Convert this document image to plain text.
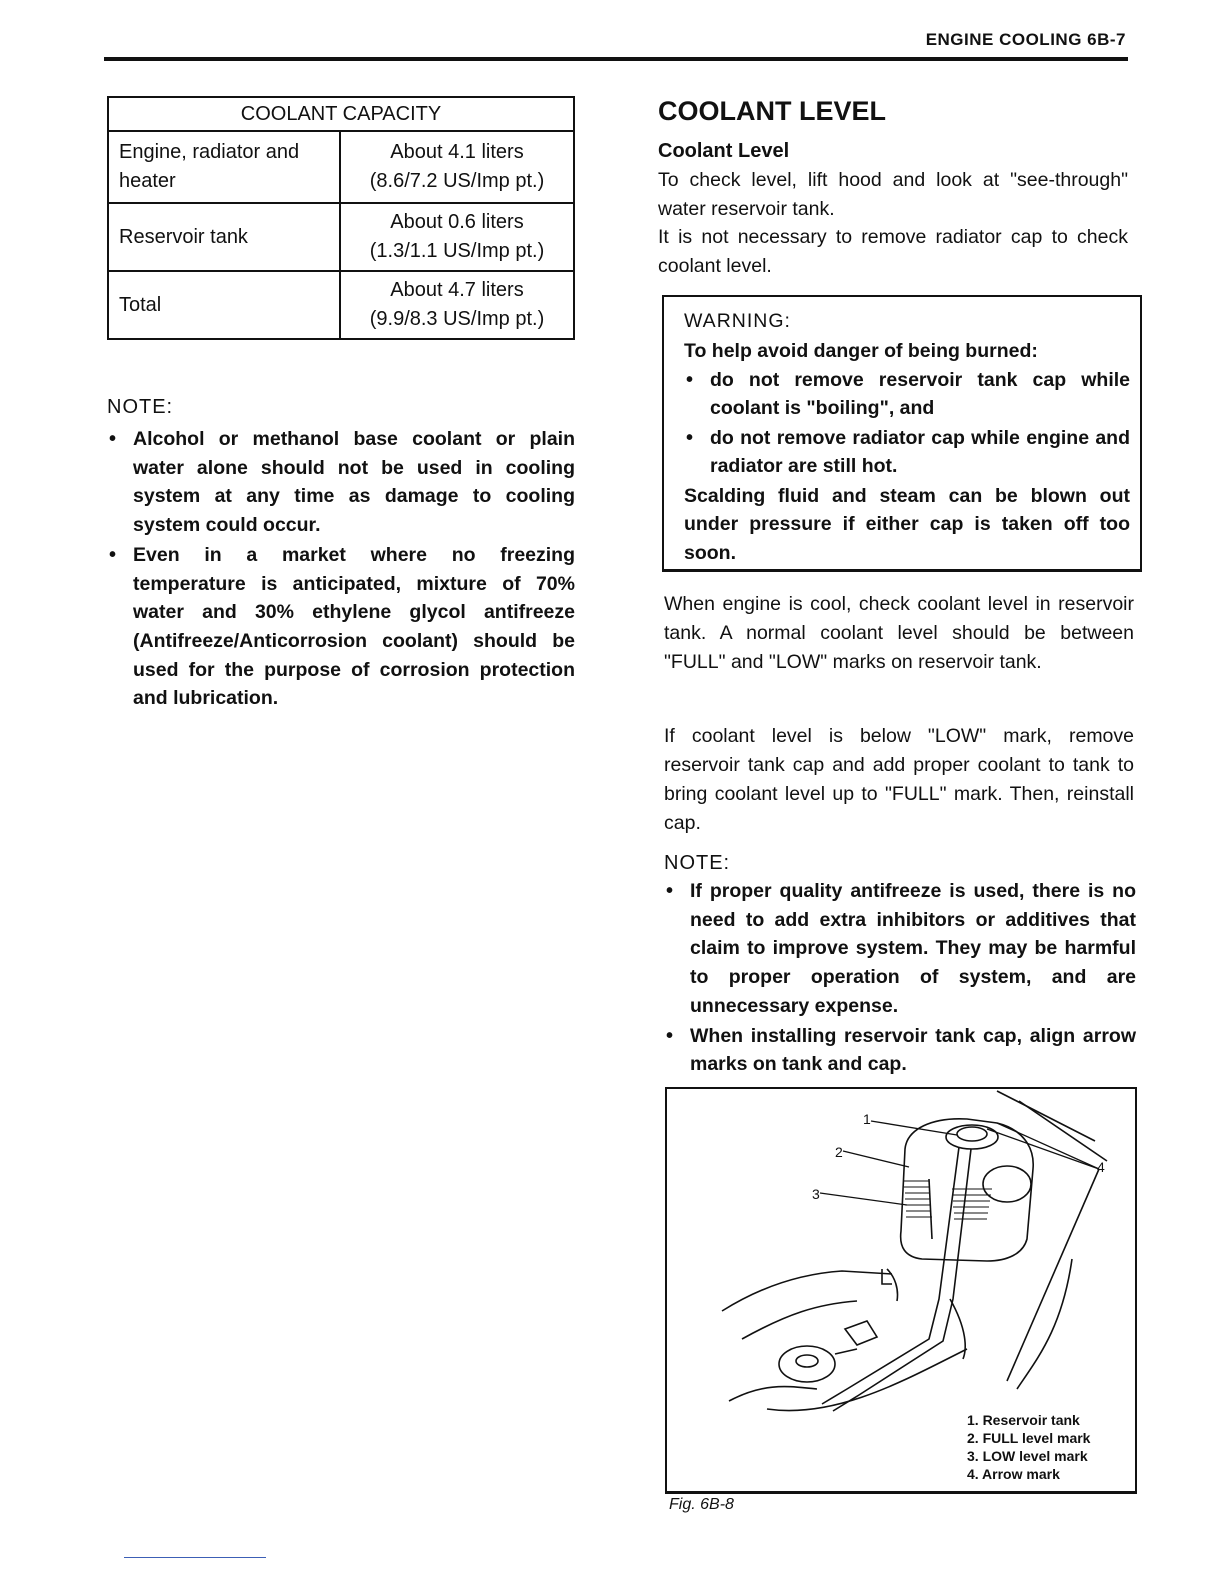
ENGINE COOLING 6B-7
COOLANT CAPACITY	
Engine, radiator and heater	About 4.1 liters
(8.6/7.2 US/Imp pt.)

Reservoir tank	About 0.6 liters
(1.3/1.1 US/Imp pt.)

Total	About 4.7 liters
(9.9/8.3 US/Imp pt.)
NOTE:
• Alcohol or methanol base coolant or plain water alone should not be used in cooling system at any time as damage to cooling system could occur.
• Even in a market where no freezing temperature is anticipated, mixture of 70% water and 30% ethylene glycol antifreeze (Antifreeze/Anticorrosion coolant) should be used for the purpose of corrosion protection and lubrication.
COOLANT LEVEL
Coolant Level

To check level, lift hood and look at "see-through" water reservoir tank.

It is not necessary to remove radiator cap to check coolant level.

WARNING:
To help avoid danger of being burned:
• do not remove reservoir tank cap while coolant is "boiling", and
• do not remove radiator cap while engine and radiator are still hot.
Scalding fluid and steam can be blown out under pressure if either cap is taken off too soon.

When engine is cool, check coolant level in reservoir tank. A normal coolant level should be between "FULL" and "LOW" marks on reservoir tank.

If coolant level is below "LOW" mark, remove reservoir tank cap and add proper coolant to tank to bring coolant level up to "FULL" mark. Then, reinstall cap.

NOTE:
• If proper quality antifreeze is used, there is no need to add extra inhibitors or additives that claim to improve system. They may be harmful to proper operation of system, and are unnecessary expense.
• When installing reservoir tank cap, align arrow marks on tank and cap.
1
2
3
4
1. Reservoir tank
2. FULL level mark
3. LOW level mark
4. Arrow mark
Fig. 6B-8
